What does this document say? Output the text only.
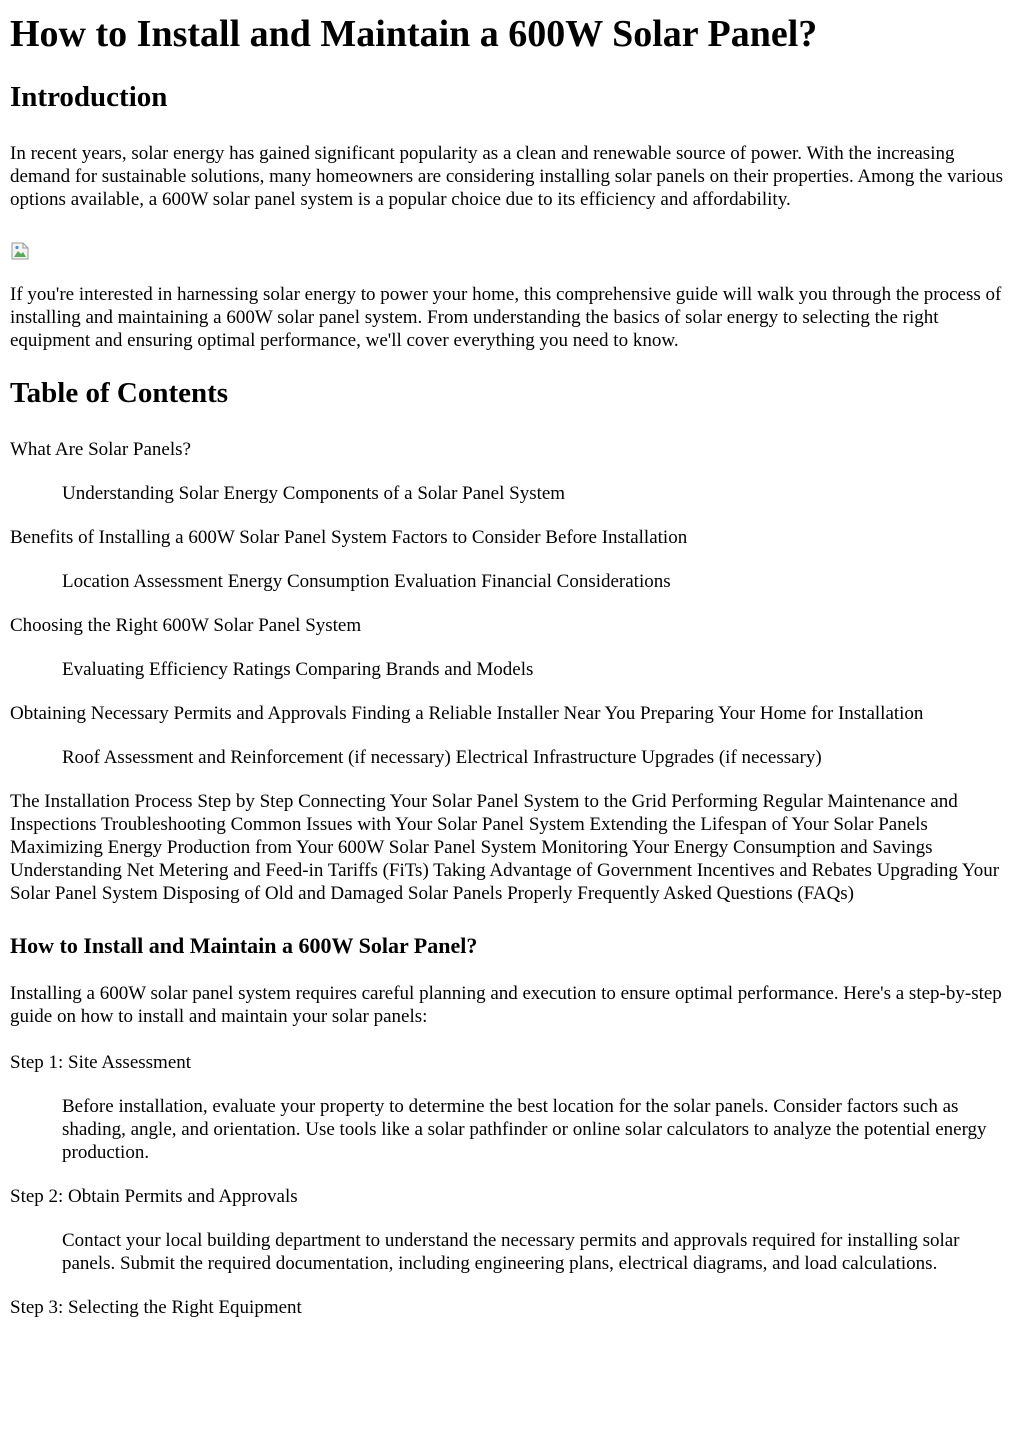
How to Install and Maintain a 600W Solar Panel?
Introduction

In recent years, solar energy has gained significant popularity as a clean and renewable source of power. With the increasing demand for sustainable solutions, many homeowners are considering installing solar panels on their properties. Among the various options available, a 600W solar panel system is a popular choice due to its efficiency and affordability.

If you're interested in harnessing solar energy to power your home, this comprehensive guide will walk you through the process of installing and maintaining a 600W solar panel system. From understanding the basics of solar energy to selecting the right equipment and ensuring optimal performance, we'll cover everything you need to know.

Table of Contents

What Are Solar Panels?

Understanding Solar Energy Components of a Solar Panel System

Benefits of Installing a 600W Solar Panel System Factors to Consider Before Installation

Location Assessment Energy Consumption Evaluation Financial Considerations

Choosing the Right 600W Solar Panel System

Evaluating Efficiency Ratings Comparing Brands and Models

Obtaining Necessary Permits and Approvals Finding a Reliable Installer Near You Preparing Your Home for Installation

Roof Assessment and Reinforcement (if necessary) Electrical Infrastructure Upgrades (if necessary)

The Installation Process Step by Step Connecting Your Solar Panel System to the Grid Performing Regular Maintenance and Inspections Troubleshooting Common Issues with Your Solar Panel System Extending the Lifespan of Your Solar Panels Maximizing Energy Production from Your 600W Solar Panel System Monitoring Your Energy Consumption and Savings Understanding Net Metering and Feed-in Tariffs (FiTs) Taking Advantage of Government Incentives and Rebates Upgrading Your Solar Panel System Disposing of Old and Damaged Solar Panels Properly Frequently Asked Questions (FAQs)

How to Install and Maintain a 600W Solar Panel?

Installing a 600W solar panel system requires careful planning and execution to ensure optimal performance. Here's a step-by-step guide on how to install and maintain your solar panels:

Step 1: Site Assessment

Before installation, evaluate your property to determine the best location for the solar panels. Consider factors such as shading, angle, and orientation. Use tools like a solar pathfinder or online solar calculators to analyze the potential energy production.

Step 2: Obtain Permits and Approvals

Contact your local building department to understand the necessary permits and approvals required for installing solar panels. Submit the required documentation, including engineering plans, electrical diagrams, and load calculations.

Step 3: Selecting the Right Equipment
